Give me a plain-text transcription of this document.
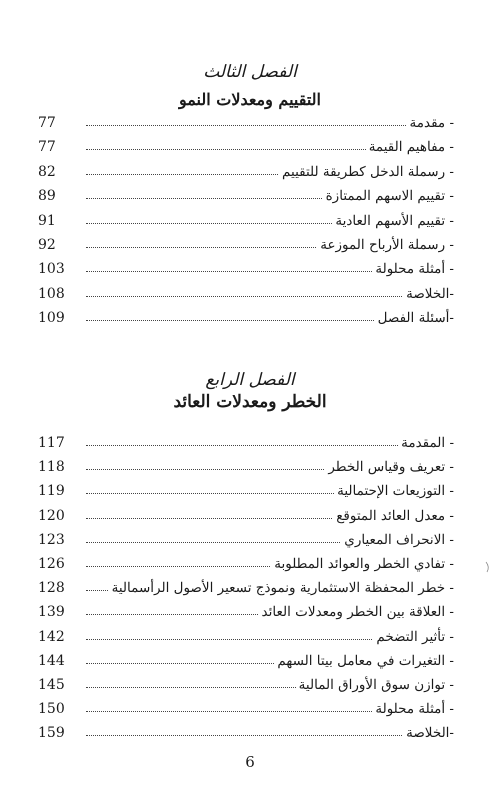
الفصل الثالث
التقييم ومعدلات النمو
- مقدمة
77
- مفاهيم القيمة
77
- رسملة الدخل كطريقة للتقييم
82
- تقييم الاسهم الممتازة
89
- تقييم الأسهم العادية
91
- رسملة الأرباح الموزعة
92
- أمثلة محلولة
103
-الخلاصة
108
-أسئلة الفصل
109
الفصل الرابع
الخطر ومعدلات العائد
- المقدمة
117
- تعريف وقياس الخطر
118
- التوزيعات الإحتمالية
119
- معدل العائد المتوقع
120
- الانحراف المعياري
123
- تفادي الخطر والعوائد المطلوبة
126
- خطر المحفظة الاستثمارية ونموذج تسعير الأصول الرأسمالية
128
- العلاقة بين الخطر ومعدلات العائد
139
- تأثير التضخم
142
- التغيرات في معامل بيتا السهم
144
- توازن سوق الأوراق المالية
145
- أمثلة محلولة
150
-الخلاصة
159
6
